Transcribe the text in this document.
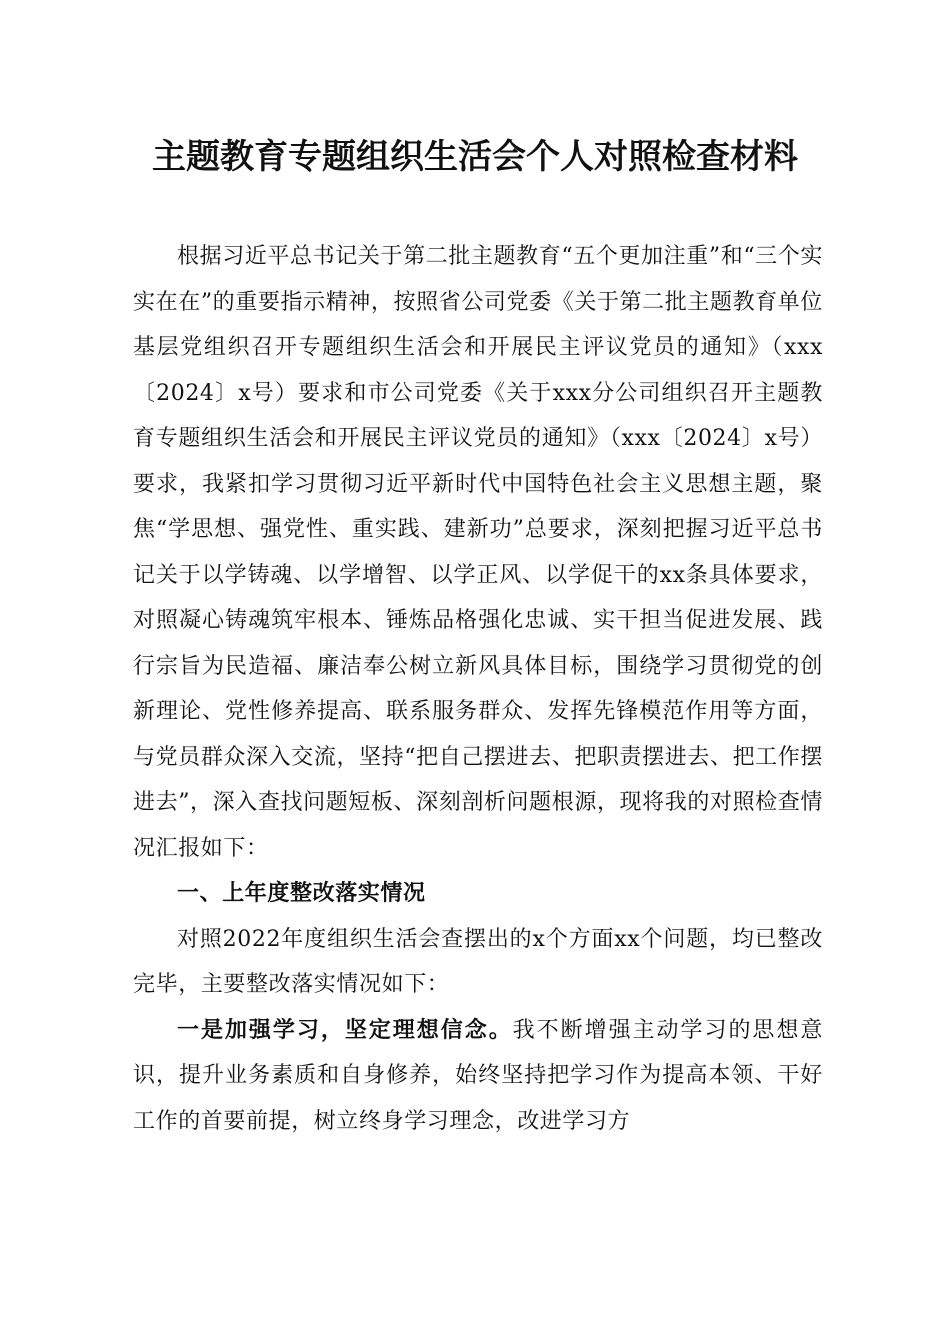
主题教育专题组织生活会个人对照检查材料

根据习近平总书记关于第二批主题教育“五个更加注重”和“三个实实在在”的重要指示精神，按照省公司党委《关于第二批主题教育单位基层党组织召开专题组织生活会和开展民主评议党员的通知》（xxx〔2024〕x号）要求和市公司党委《关于xxx分公司组织召开主题教育专题组织生活会和开展民主评议党员的通知》（xxx〔2024〕x号）要求，我紧扣学习贯彻习近平新时代中国特色社会主义思想主题，聚焦“学思想、强党性、重实践、建新功”总要求，深刻把握习近平总书记关于以学铸魂、以学增智、以学正风、以学促干的xx条具体要求，对照凝心铸魂筑牢根本、锤炼品格强化忠诚、实干担当促进发展、践行宗旨为民造福、廉洁奉公树立新风具体目标，围绕学习贯彻党的创新理论、党性修养提高、联系服务群众、发挥先锋模范作用等方面，与党员群众深入交流，坚持“把自己摆进去、把职责摆进去、把工作摆进去”，深入查找问题短板、深刻剖析问题根源，现将我的对照检查情况汇报如下：

一、上年度整改落实情况

对照2022年度组织生活会查摆出的x个方面xx个问题，均已整改完毕，主要整改落实情况如下：

一是加强学习，坚定理想信念。我不断增强主动学习的思想意识，提升业务素质和自身修养，始终坚持把学习作为提高本领、干好工作的首要前提，树立终身学习理念，改进学习方
